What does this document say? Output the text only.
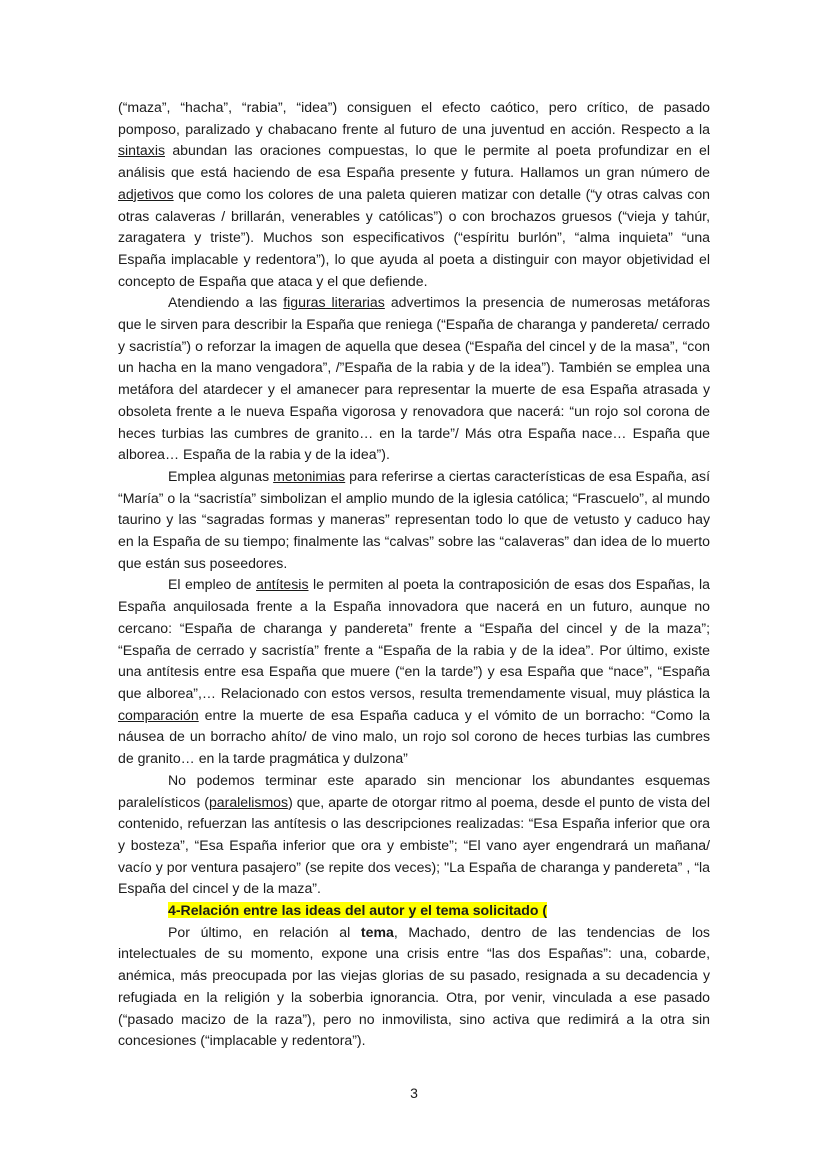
(“maza”, “hacha”, “rabia”, “idea”) consiguen el efecto caótico, pero crítico, de pasado pomposo, paralizado y chabacano frente al futuro de una juventud en acción. Respecto a la sintaxis abundan las oraciones compuestas, lo que le permite al poeta profundizar en el análisis que está haciendo de esa España presente y futura. Hallamos un gran número de adjetivos que como los colores de una paleta quieren matizar con detalle (“y otras calvas con otras calaveras / brillarán, venerables y católicas”) o con brochazos gruesos (“vieja y tahúr, zaragatera y triste”). Muchos son especificativos (“espíritu burlón”, “alma inquieta” “una España implacable y redentora”), lo que ayuda al poeta a distinguir con mayor objetividad el concepto de España que ataca y el que defiende.

Atendiendo a las figuras literarias advertimos la presencia de numerosas metáforas que le sirven para describir la España que reniega (“España de charanga y pandereta/ cerrado y sacristía”) o reforzar la imagen de aquella que desea (“España del cincel y de la masa”, “con un hacha en la mano vengadora”, /”España de la rabia y de la idea”). También se emplea una metáfora del atardecer y el amanecer para representar la muerte de esa España atrasada y obsoleta frente a le nueva España vigorosa y renovadora que nacerá: “un rojo sol corona de heces turbias las cumbres de granito… en la tarde”/ Más otra España nace… España que alborea… España de la rabia y de la idea”).

Emplea algunas metonimias para referirse a ciertas características de esa España, así “María” o la “sacristía” simbolizan el amplio mundo de la iglesia católica; “Frascuelo”, al mundo taurino y las “sagradas formas y maneras” representan todo lo que de vetusto y caduco hay en la España de su tiempo; finalmente las “calvas” sobre las “calaveras” dan idea de lo muerto que están sus poseedores.

El empleo de antítesis le permiten al poeta la contraposición de esas dos Españas, la España anquilosada frente a la España innovadora que nacerá en un futuro, aunque no cercano: “España de charanga y pandereta” frente a “España del cincel y de la maza”; “España de cerrado y sacristía” frente a “España de la rabia y de la idea”. Por último, existe una antítesis entre esa España que muere (“en la tarde”) y esa España que “nace”, “España que alborea”,… Relacionado con estos versos, resulta tremendamente visual, muy plástica la comparación entre la muerte de esa España caduca y el vómito de un borracho: “Como la náusea de un borracho ahíto/ de vino malo, un rojo sol corono de heces turbias las cumbres de granito… en la tarde pragmática y dulzona”

No podemos terminar este aparado sin mencionar los abundantes esquemas paralelísticos (paralelismos) que, aparte de otorgar ritmo al poema, desde el punto de vista del contenido, refuerzan las antítesis o las descripciones realizadas: “Esa España inferior que ora y bosteza”, “Esa España inferior que ora y embiste”; “El vano ayer engendrará un mañana/ vacío y por ventura pasajero” (se repite dos veces); "La España de charanga y pandereta” , “la España del cincel y de la maza”.

4-Relación entre las ideas del autor y el tema solicitado (

Por último, en relación al tema, Machado, dentro de las tendencias de los intelectuales de su momento, expone una crisis entre “las dos Españas”: una, cobarde, anémica, más preocupada por las viejas glorias de su pasado, resignada a su decadencia y refugiada en la religión y la soberbia ignorancia. Otra, por venir, vinculada a ese pasado (“pasado macizo de la raza”), pero no inmovilista, sino activa que redimirá a la otra sin concesiones (“implacable y redentora”).

3
